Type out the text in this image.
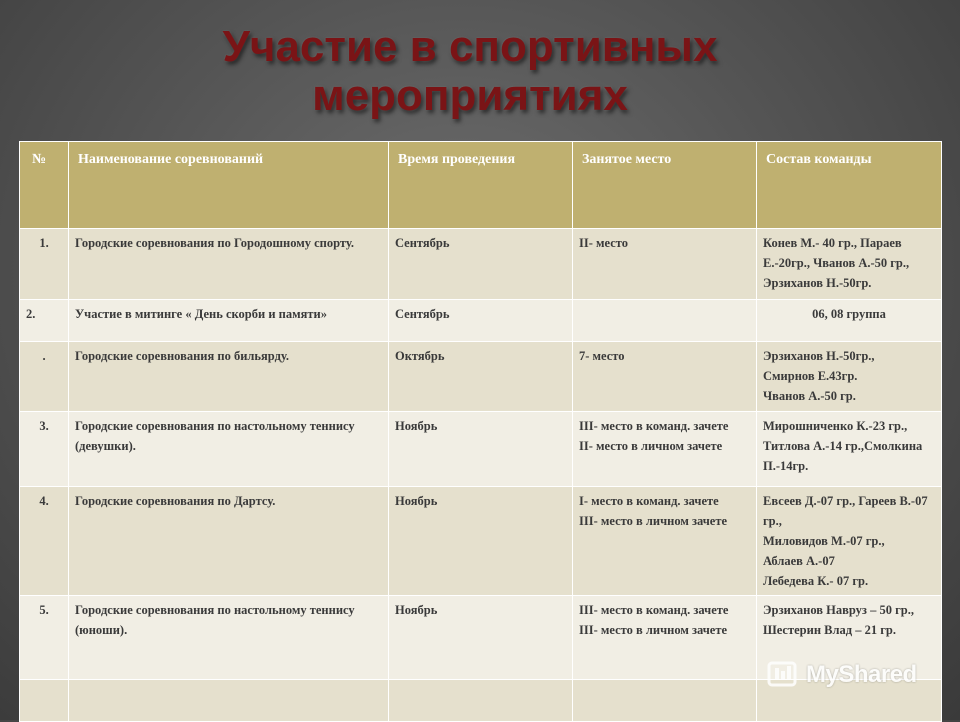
Участие в спортивных
мероприятиях
№	Наименование соревнований	Время проведения	Занятое место	Состав команды
1.	Городские соревнования по Городошному спорту.	Сентябрь	II- место	Конев М.- 40 гр., Параев Е.-20гр., Чванов А.-50 гр., Эрзиханов Н.-50гр.

2.	Участие в митинге « День скорби и памяти»	Сентябрь		06, 08 группа

.	Городские соревнования по бильярду.	Октябрь	7- место	Эрзиханов Н.-50гр.,
Смирнов Е.43гр.
Чванов А.-50 гр.

3.	Городские соревнования по настольному теннису (девушки).	Ноябрь	III- место в команд. зачете
II- место в личном зачете	Мирошниченко К.-23 гр., Титлова А.-14 гр.,Смолкина П.-14гр.

4.	Городские соревнования по Дартсу.	Ноябрь	I- место в команд. зачете
III- место в личном зачете	Евсеев Д.-07 гр., Гареев В.-07 гр.,
Миловидов М.-07 гр.,
Аблаев А.-07
Лебедева К.- 07 гр.

5.	Городские соревнования по настольному теннису (юноши).	Ноябрь	III- место в команд. зачете
III- место в личном зачете	Эрзиханов Навруз – 50 гр.,
Шестерин Влад – 21 гр.

MyShared
